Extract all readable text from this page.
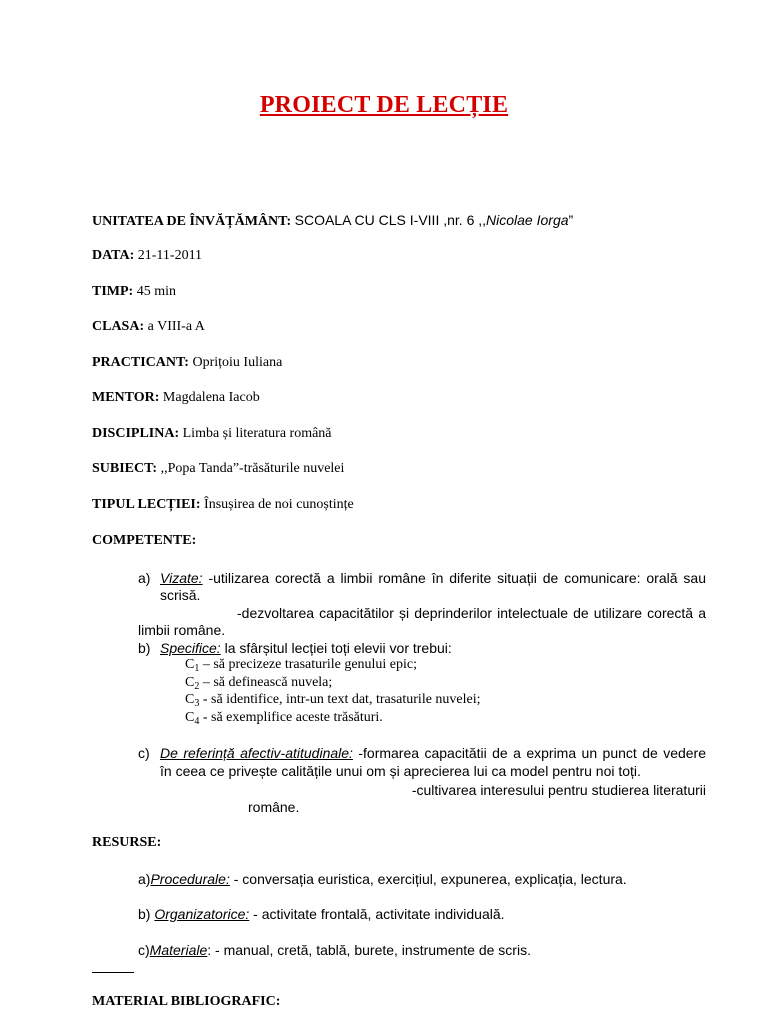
PROIECT DE LECȚIE
UNITATEA DE ÎNVĂȚĂMÂNT: SCOALA CU CLS I-VIII ,nr. 6 ,,Nicolae Iorga”
DATA: 21-11-2011
TIMP: 45 min
CLASA: a VIII-a A
PRACTICANT: Oprițoiu Iuliana
MENTOR: Magdalena Iacob
DISCIPLINA: Limba și literatura română
SUBIECT: ,,Popa Tanda”-trăsăturile nuvelei
TIPUL LECȚIEI: Însușirea de noi cunoștințe
COMPETENTE:
a) Vizate: -utilizarea corectă a limbii române în diferite situații de comunicare: orală sau
scrisă.
-dezvoltarea capacitătilor și deprinderilor intelectuale de utilizare corectă a
limbii române.
b) Specifice: la sfârșitul lecției toți elevii vor trebui:
$C_1$ – să precizeze trasaturile genului epic;
$C_2$ – să definească nuvela;
$C_3$ - să identifice, intr-un text dat, trasaturile nuvelei;
$C_4$ - să exemplifice aceste trăsături.
c) De referință afectiv-atitudinale: -formarea capacitătii de a exprima un punct de vedere
în ceea ce privește calitățile unui om și aprecierea lui ca model pentru noi toți.
-cultivarea interesului pentru studierea literaturii
române.
RESURSE:
a)Procedurale: - conversația euristica, exercițiul, expunerea, explicația, lectura.
b) Organizatorice: - activitate frontală, activitate individuală.
c)Materiale: - manual, cretă, tablă, burete, instrumente de scris.
MATERIAL BIBLIOGRAFIC:
